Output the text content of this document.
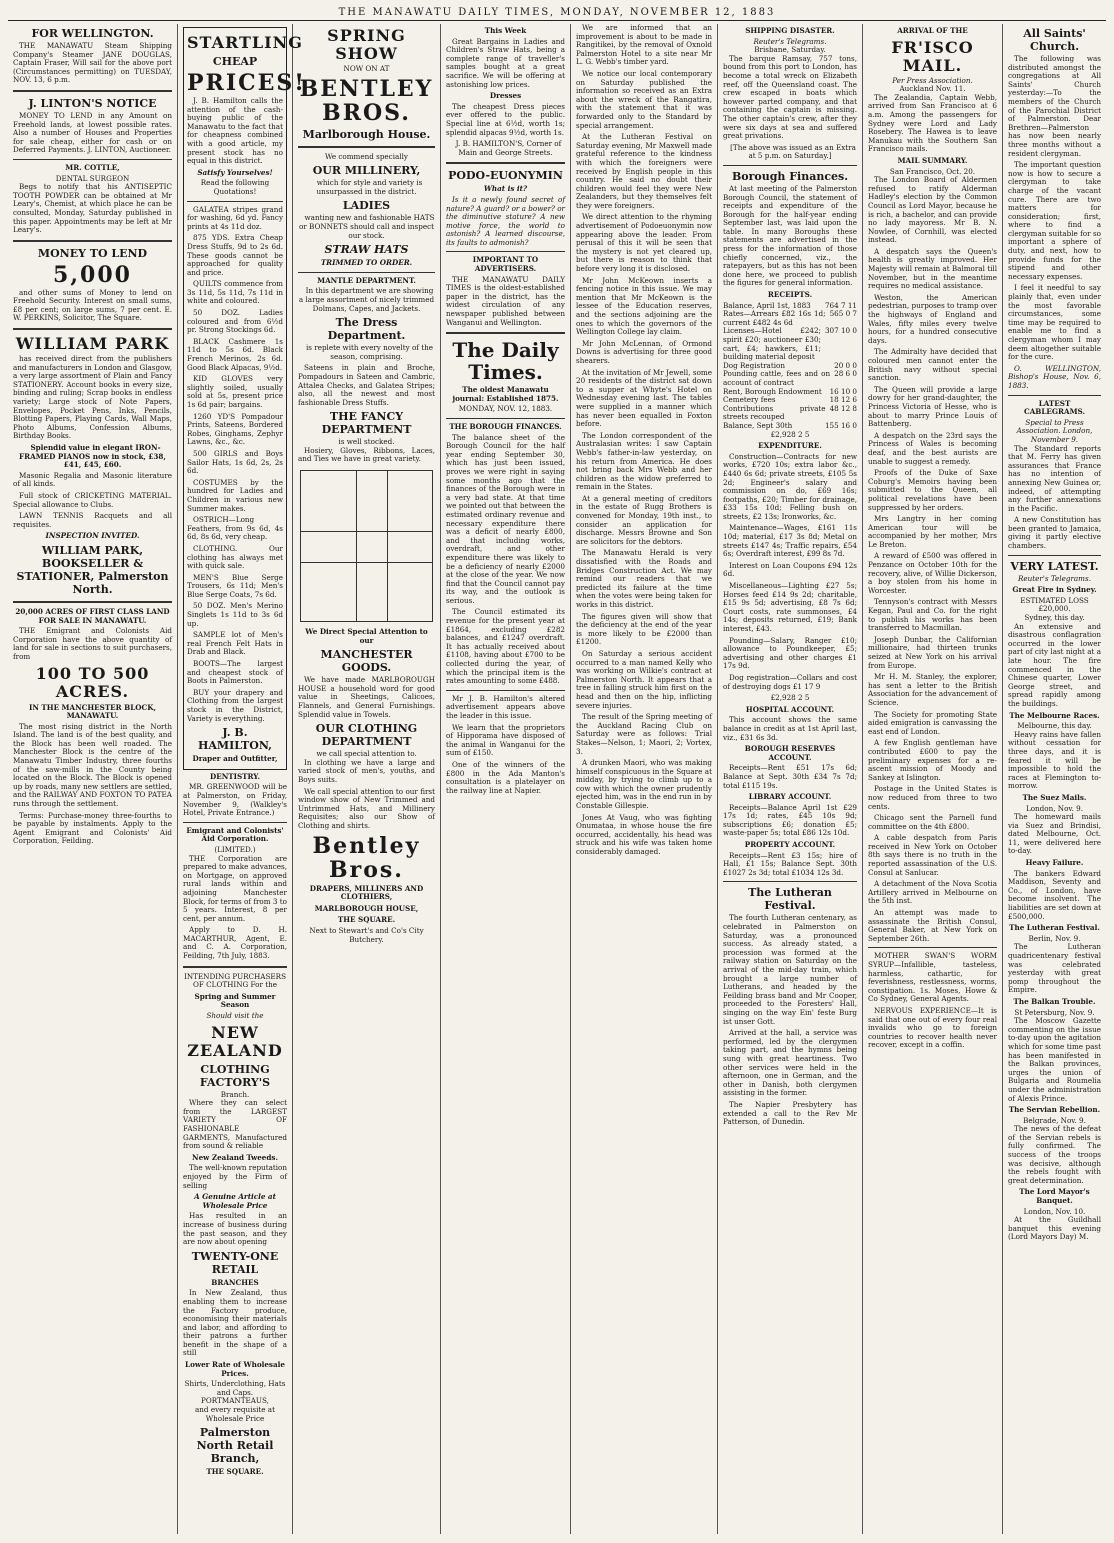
THE MANAWATU DAILY TIMES, MONDAY, NOVEMBER 12, 1883
FOR WELLINGTON.

THE MANAWATU Steam Shipping Company's Steamer JANE DOUGLAS, Captain Fraser, Will sail for the above port (Circumstances permitting) on TUESDAY, NOV. 13, 6 p.m.

J. LINTON'S NOTICE

MONEY TO LEND in any Amount on Freehold lands, at lowest possible rates. Also a number of Houses and Properties for sale cheap, either for cash or on Deferred Payments. J. LINTON, Auctioneer.

MR. COTTLE,
DENTAL SURGEON

Begs to notify that his ANTISEPTIC TOOTH POWDER can be obtained at Mr Leary's, Chemist, at which place he can be consulted, Monday, Saturday published in this paper. Appointments may be left at Mr Leary's.

MONEY TO LEND
5,000

and other sums of Money to lend on Freehold Security. Interest on small sums, £8 per cent; on large sums, 7 per cent. E. W. PERKINS, Solicitor, The Square.

WILLIAM PARK

has received direct from the publishers and manufacturers in London and Glasgow, a very large assortment of Plain and Fancy STATIONERY. Account books in every size, binding and ruling; Scrap books in endless variety; Large stock of Note Papers, Envelopes, Pocket Pens, Inks, Pencils, Blotting Papers, Playing Cards, Wall Maps, Photo Albums, Confession Albums, Birthday Books.

Splendid value in elegant IRON-FRAMED PIANOS now in stock, £38, £41, £45, £60.

Masonic Regalia and Masonic literature of all kinds.

Full stock of CRICKETING MATERIAL. Special allowance to Clubs.

LAWN TENNIS Racquets and all requisites.

INSPECTION INVITED.
WILLIAM PARK, BOOKSELLER & STATIONER, Palmerston North.
20,000 ACRES OF FIRST CLASS LAND FOR SALE IN MANAWATU.

THE Emigrant and Colonists Aid Corporation have the above quantity of land for sale in sections to suit purchasers, from

100 TO 500 ACRES.
IN THE MANCHESTER BLOCK, MANAWATU.

The most rising district in the North Island. The land is of the best quality, and the Block has been well roaded. The Manchester Block is the centre of the Manawatu Timber Industry, three fourths of the saw-mills in the County being located on the Block. The Block is opened up by roads, many new settlers are settled, and the RAILWAY AND FOXTON TO PATEA runs through the settlement.

Terms: Purchase-money three-fourths to be payable by instalments. Apply to the Agent Emigrant and Colonists' Aid Corporation, Feilding.

STARTLING
CHEAP
PRICES!

J. B. Hamilton calls the attention of the cash-buying public of the Manawatu to the fact that for cheapness combined with a good article, my present stock has no equal in this district.

Satisfy Yourselves!
Read the following Quotations!

GALATEA stripes grand for washing, 6d yd. Fancy prints at 4s 11d doz.

875 YDS. Extra Cheap Dress Stuffs, 9d to 2s 6d. These goods cannot be approached for quality and price.

QUILTS commence from 3s 11d, 5s 11d, 7s 11d in white and coloured.

50 DOZ. Ladies coloured and from 6½d pr. Strong Stockings 6d.

BLACK Cashmere 1s 11d to 5s 6d. Black French Merinos, 2s 6d. Good Black Alpacas, 9½d.

KID GLOVES very slightly soiled, usually sold at 5s, present price 1s 6d pair; bargains.

1260 YD'S Pompadour Prints, Sateens, Bordered Robes, Ginghams, Zephyr Lawns, &c., &c.

500 GIRLS and Boys Sailor Hats, 1s 6d, 2s, 2s 6d.

COSTUMES by the hundred for Ladies and Children in various new Summer makes.

OSTRICH—Long Feathers, from 9s 6d, 4s 6d, 8s 6d, very cheap.

CLOTHING. Our clothing has always met with quick sale.

MEN'S Blue Serge Trousers, 6s 11d; Men's Blue Serge Coats, 7s 6d.

50 DOZ. Men's Merino Singlets 1s 11d to 3s 6d up.

SAMPLE lot of Men's real French Felt Hats in Drab and Black.

BOOTS—The largest and cheapest stock of Boots in Palmerston.

BUY your drapery and Clothing from the largest stock in the District, Variety is everything.

J. B. HAMILTON,
Draper and Outfitter,
DENTISTRY.

MR. GREENWOOD will be at Palmerston, on Friday, November 9, (Walkley's Hotel, Private Entrance.)

Emigrant and Colonists' Aid Corporation.
(LIMITED.)

THE Corporation are prepared to make advances, on Mortgage, on approved rural lands within and adjoining Manchester Block, for terms of from 3 to 5 years. Interest, 8 per cent, per annum.

Apply to D. H. MACARTHUR, Agent, E. and C. A. Corporation, Feilding, 7th July, 1883.

INTENDING PURCHASERS OF CLOTHING For the
Spring and Summer Season
Should visit the
NEW ZEALAND
CLOTHING FACTORY'S
Branch.

Where they can select from the LARGEST VARIETY OF FASHIONABLE GARMENTS, Manufactured from sound & reliable

New Zealand Tweeds.

The well-known reputation enjoyed by the Firm of selling

A Genuine Article at Wholesale Price

Has resulted in an increase of business during the past season, and they are now about opening

TWENTY-ONE RETAIL
BRANCHES

In New Zealand, thus enabling them to increase the Factory produce, economising their materials and labor, and affording to their patrons a further benefit in the shape of a still

Lower Rate of Wholesale Prices.
Shirts, Underclothing, Hats and Caps.
PORTMANTEAUS,
and every requisite at Wholesale Price
Palmerston North Retail Branch,
THE SQUARE.
SPRING SHOW
NOW ON AT
BENTLEY BROS.
Marlborough House.
We commend specially
OUR MILLINERY,

which for style and variety is unsurpassed in the district.

LADIES

wanting new and fashionable HATS or BONNETS should call and inspect our stock.

STRAW HATS
TRIMMED TO ORDER.
MANTLE DEPARTMENT.

In this department we are showing a large assortment of nicely trimmed Dolmans, Capes, and Jackets.

The Dress Department.

is replete with every novelty of the season, comprising.

Sateens in plain and Broche, Pompadours in Sateen and Cambric, Attalea Checks, and Galatea Stripes; also, all the newest and most fashionable Dress Stuffs.

THE FANCY DEPARTMENT
is well stocked.

Hosiery, Gloves, Ribbons, Laces, and Ties we have in great variety.

We Direct Special Attention to our
MANCHESTER GOODS.

We have made MARLBOROUGH HOUSE a household word for good value in Sheetings, Calicoes, Flannels, and General Furnishings. Splendid value in Towels.

OUR CLOTHING DEPARTMENT
we call special attention to.

In clothing we have a large and varied stock of men's, youths, and Boys suits.

We call special attention to our first window show of New Trimmed and Untrimmed Hats, and Millinery Requisites; also our Show of Clothing and shirts.

Bentley Bros.
DRAPERS, MILLINERS AND CLOTHIERS,
MARLBOROUGH HOUSE,
THE SQUARE.
Next to Stewart's and Co's City Butchery.
This Week

Great Bargains in Ladies and Children's Straw Hats, being a complete range of traveller's samples bought at a great sacrifice. We will be offering at astonishing low prices.

Dresses

The cheapest Dress pieces ever offered to the public. Special line at 6½d, worth 1s; splendid alpacas 9½d, worth 1s.

J. B. HAMILTON'S, Corner of Main and George Streets.

PODO-EUONYMIN
What is it?

Is it a newly found secret of nature? A guard? or a bower? or the diminutive stature? A new motive force, the world to astonish? A learned discourse, its faults to admonish?

IMPORTANT TO ADVERTISERS.

THE MANAWATU DAILY TIMES is the oldest-established paper in the district, has the widest circulation of any newspaper published between Wanganui and Wellington.

The Daily Times.
The oldest Manawatu journal: Established 1875.
MONDAY, NOV. 12, 1883.
THE BOROUGH FINANCES.

The balance sheet of the Borough Council for the half year ending September 30, which has just been issued, proves we were right in saying some months ago that the finances of the Borough were in a very bad state. At that time we pointed out that between the estimated ordinary revenue and necessary expenditure there was a deficit of nearly £800, and that including works, overdraft, and other expenditure there was likely to be a deficiency of nearly £2000 at the close of the year. We now find that the Council cannot pay its way, and the outlook is serious.

The Council estimated its revenue for the present year at £1864, excluding £282 balances, and £1247 overdraft. It has actually received about £1108, having about £700 to be collected during the year, of which the principal item is the rates amounting to some £488.

Mr J. B. Hamilton's altered advertisement appears above the leader in this issue.

We learn that the proprietors of Hipporama have disposed of the animal in Wanganui for the sum of £150.

One of the winners of the £800 in the Ada Manton's consultation is a platelayer on the railway line at Napier.

We are informed that an improvement is about to be made in Rangitikei, by the removal of Oxnold Palmerston Hotel to a site near Mr L. G. Webb's timber yard.

We notice our local contemporary on Saturday published the information so received as an Extra about the wreck of the Rangatira, with the statement that it was forwarded only to the Standard by special arrangement.

At the Lutheran Festival on Saturday evening, Mr Maxwell made grateful reference to the kindness with which the foreigners were received by English people in this country. He said no doubt their children would feel they were New Zealanders, but they themselves felt they were foreigners.

We direct attention to the rhyming advertisement of Podoeuonymin now appearing above the leader. From perusal of this it will be seen that the mystery is not yet cleared up, but there is reason to think that before very long it is disclosed.

Mr John McKeown inserts a fencing notice in this issue. We may mention that Mr McKeown is the lessee of the Education reserves, and the sections adjoining are the ones to which the governors of the Wellington College lay claim.

Mr John McLennan, of Ormond Downs is advertising for three good shearers.

At the invitation of Mr Jewell, some 20 residents of the district sat down to a supper at Whyte's Hotel on Wednesday evening last. The tables were supplied in a manner which has never been equalled in Foxton before.

The London correspondent of the Australasian writes: I saw Captain Webb's father-in-law yesterday, on his return from America. He does not bring back Mrs Webb and her children as the widow preferred to remain in the States.

At a general meeting of creditors in the estate of Rugg Brothers is convened for Monday, 19th inst., to consider an application for discharge. Messrs Browne and Son are solicitors for the debtors.

The Manawatu Herald is very dissatisfied with the Roads and Bridges Construction Act. We may remind our readers that we predicted its failure at the time when the votes were being taken for works in this district.

The figures given will show that the deficiency at the end of the year is more likely to be £2000 than £1200.

On Saturday a serious accident occurred to a man named Kelly who was working on Wilkie's contract at Palmerston North. It appears that a tree in falling struck him first on the head and then on the hip, inflicting severe injuries.

The result of the Spring meeting of the Auckland Racing Club on Saturday were as follows: Trial Stakes—Nelson, 1; Maori, 2; Vortex, 3.

A drunken Maori, who was making himself conspicuous in the Square at midday, by trying to climb up to a cow with which the owner prudently ejected him, was in the end run in by Constable Gillespie.

Jones At Vaug, who was fighting Onumataa, in whose house the fire occurred, accidentally, his head was struck and his wife was taken home considerably damaged.

SHIPPING DISASTER.
Reuter's Telegrams.
Brisbane, Saturday.

The barque Ramsay, 757 tons, bound from this port to London, has become a total wreck on Elizabeth reef, off the Queensland coast. The crew escaped in boats which however parted company, and that containing the captain is missing. The other captain's crew, after they were six days at sea and suffered great privations.

[The above was issued as an Extra at 5 p.m. on Saturday.]

Borough Finances.

At last meeting of the Palmerston Borough Council, the statement of receipts and expenditure of the Borough for the half-year ending September last, was laid upon the table. In many Boroughs these statements are advertised in the press for the information of those chiefly concerned, viz., the ratepayers, but as this has not been done here, we proceed to publish the figures for general information.

RECEIPTS.
Balance, April 1st, 1883	764 7 11
Rates—Arrears £82 16s 1d; current £482 4s 6d
565 0 7
Licenses—Hotel £242; spirit £20; auctioneer £30; cart, £4; hawkers, £11; building material deposit
307 10 0
Dog Registration	20 0 0
Pounding cattle, fees and on account of contract
28 6 0
Rent, Borough Endowment	16 10 0
Cemetery fees	18 12 6
Contributions private streets recouped
48 12 8
Balance, Sept 30th	155 16 0
£2,928 2 5
EXPENDITURE.

Construction—Contracts for new works, £720 10s; extra labor &c., £440 6s 6d; private streets, £105 5s 2d; Engineer's salary and commission on do, £69 16s; footpaths, £20; Timber for drainage, £33 15s 10d; Felling bush on streets, £2 13s; Ironworks, &c.

Maintenance—Wages, £161 11s 10d; material, £17 3s 8d; Metal on streets £147 4s; Traffic repairs, £54 6s; Overdraft interest, £99 8s 7d.

Interest on Loan Coupons £94 12s 6d.

Miscellaneous—Lighting £27 5s; Horses feed £14 9s 2d; charitable, £15 9s 5d; advertising, £8 7s 6d; Court costs, rate summonses, £4 14s; deposits returned, £19; Bank interest, £43.

Pounding—Salary, Ranger £10; allowance to Poundkeeper, £5; advertising and other charges £1 17s 9d.

Dog registration—Collars and cost of destroying dogs £1 17 9

£2,928 2 5
HOSPITAL ACCOUNT.

This account shows the same balance in credit as at 1st April last, viz., £31 6s 3d.

BOROUGH RESERVES ACCOUNT.

Receipts—Rent £51 17s 6d; Balance at Sept. 30th £34 7s 7d; total £115 19s.

LIBRARY ACCOUNT.

Receipts—Balance April 1st £29 17s 1d; rates, £45 10s 9d; subscriptions £6; donation £5; waste-paper 5s; total £86 12s 10d.

PROPERTY ACCOUNT.

Receipts—Rent £3 15s; hire of Hall, £1 15s; Balance Sept. 30th £1027 2s 3d; total £1034 12s 3d.

The Lutheran Festival.

The fourth Lutheran centenary, as celebrated in Palmerston on Saturday, was a pronounced success. As already stated, a procession was formed at the railway station on Saturday on the arrival of the mid-day train, which brought a large number of Lutherans, and headed by the Feilding brass band and Mr Cooper, proceeded to the Foresters' Hall, singing on the way Ein' feste Burg ist unser Gott.

Arrived at the hall, a service was performed, led by the clergymen taking part, and the hymns being sung with great heartiness. Two other services were held in the afternoon, one in German, and the other in Danish, both clergymen assisting in the former.

The Napier Presbytery has extended a call to the Rev Mr Patterson, of Dunedin.

ARRIVAL OF THE
FR'ISCO MAIL.
Per Press Association.
Auckland Nov. 11.

The Zealandia, Captain Webb, arrived from San Francisco at 6 a.m. Among the passengers for Sydney were Lord and Lady Rosebery. The Hawea is to leave Manukau with the Southern San Francisco mails.

MAIL SUMMARY.
San Francisco, Oct. 20.

The London Board of Aldermen refused to ratify Alderman Hadley's election by the Common Council as Lord Mayor, because he is rich, a bachelor, and can provide no lady mayoress. Mr B. N. Nowlee, of Cornhill, was elected instead.

A despatch says the Queen's health is greatly improved. Her Majesty will remain at Balmoral till November, but in the meantime requires no medical assistance.

Weston, the American pedestrian, purposes to tramp over the highways of England and Wales, fifty miles every twelve hours, for a hundred consecutive days.

The Admiralty have decided that coloured men cannot enter the British navy without special sanction.

The Queen will provide a large dowry for her grand-daughter, the Princess Victoria of Hesse, who is about to marry Prince Louis of Battenberg.

A despatch on the 23rd says the Princess of Wales is becoming deaf, and the best aurists are unable to suggest a remedy.

Proofs of the Duke of Saxe Coburg's Memoirs having been submitted to the Queen, all political revelations have been suppressed by her orders.

Mrs Langtry in her coming American tour will be accompanied by her mother, Mrs Le Breton.

A reward of £500 was offered in Penzance on October 10th for the recovery, alive, of Willie Dickerson, a boy stolen from his home in Worcester.

Tennyson's contract with Messrs Kegan, Paul and Co. for the right to publish his works has been transferred to Macmillan.

Joseph Dunbar, the Californian millionaire, had thirteen trunks seized at New York on his arrival from Europe.

Mr H. M. Stanley, the explorer, has sent a letter to the British Association for the advancement of Science.

The Society for promoting State aided emigration is canvassing the east end of London.

A few English gentleman have contributed £600 to pay the preliminary expenses for a re-ascent mission of Moody and Sankey at Islington.

Postage in the United States is now reduced from three to two cents.

Chicago sent the Parnell fund committee on the 4th £800.

A cable despatch from Paris received in New York on October 8th says there is no truth in the reported assassination of the U.S. Consul at Sanlucar.

A detachment of the Nova Scotia Artillery arrived in Melbourne on the 5th inst.

An attempt was made to assassinate the British Consul, General Baker, at New York on September 26th.

MOTHER SWAN'S WORM SYRUP—Infallible, tasteless, harmless, cathartic, for feverishness, restlessness, worms, constipation. 1s. Moses, Howe & Co Sydney, General Agents.

NERVOUS EXPERIENCE—It is said that one out of every four real invalids who go to foreign countries to recover health never recover, except in a coffin.

All Saints' Church.

The following was distributed amongst the congregations at All Saints' Church yesterday:—To the members of the Church of the Parochial District of Palmerston. Dear Brethren—Palmerston has now been nearly three months without a resident clergyman.

The important question now is how to secure a clergyman to take charge of the vacant cure. There are two matters for consideration; first, where to find a clergyman suitable for so important a sphere of duty, and next, how to provide funds for the stipend and other necessary expenses.

I feel it needful to say plainly that, even under the most favorable circumstances, some time may be required to enable me to find a clergyman whom I may deem altogether suitable for the cure.

O. WELLINGTON, Bishop's House, Nov. 6, 1883.

LATEST CABLEGRAMS.
Special to Press Association. London, November 9.

The Standard reports that M. Ferry has given assurances that France has no intention of annexing New Guinea or, indeed, of attempting any further annexations in the Pacific.

A new Constitution has been granted to Jamaica, giving it partly elective chambers.

VERY LATEST.
Reuter's Telegrams.
Great Fire in Sydney.
ESTIMATED LOSS £20,000.
Sydney, this day.

An extensive and disastrous conflagration occurred in the lower part of city last night at a late hour. The fire commenced in the Chinese quarter, Lower George street, and spread rapidly among the buildings.

The Melbourne Races.
Melbourne, this day.

Heavy rains have fallen without cessation for three days, and it is feared it will be impossible to hold the races at Flemington to-morrow.

The Suez Mails.
London, Nov. 9.

The homeward mails via Suez and Brindisi, dated Melbourne, Oct. 11, were delivered here to-day.

Heavy Failure.

The bankers Edward Maddison, Seventy and Co., of London, have become insolvent. The liabilities are set down at £500,000.

The Lutheran Festival.
Berlin, Nov. 9.

The Lutheran quadricentenary festival was celebrated yesterday with great pomp throughout the Empire.

The Balkan Trouble.
St Petersburg, Nov. 9.

The Moscow Gazette commenting on the issue to-day upon the agitation which for some time past has been manifested in the Balkan provinces, urges the union of Bulgaria and Roumelia under the administration of Alexis Prince.

The Servian Rebellion.
Belgrade, Nov. 9.

The news of the defeat of the Servian rebels is fully confirmed. The success of the troops was decisive, although the rebels fought with great determination.

The Lord Mayor's Banquet.
London, Nov. 10.

At the Guildhall banquet this evening (Lord Mayors Day) M.
